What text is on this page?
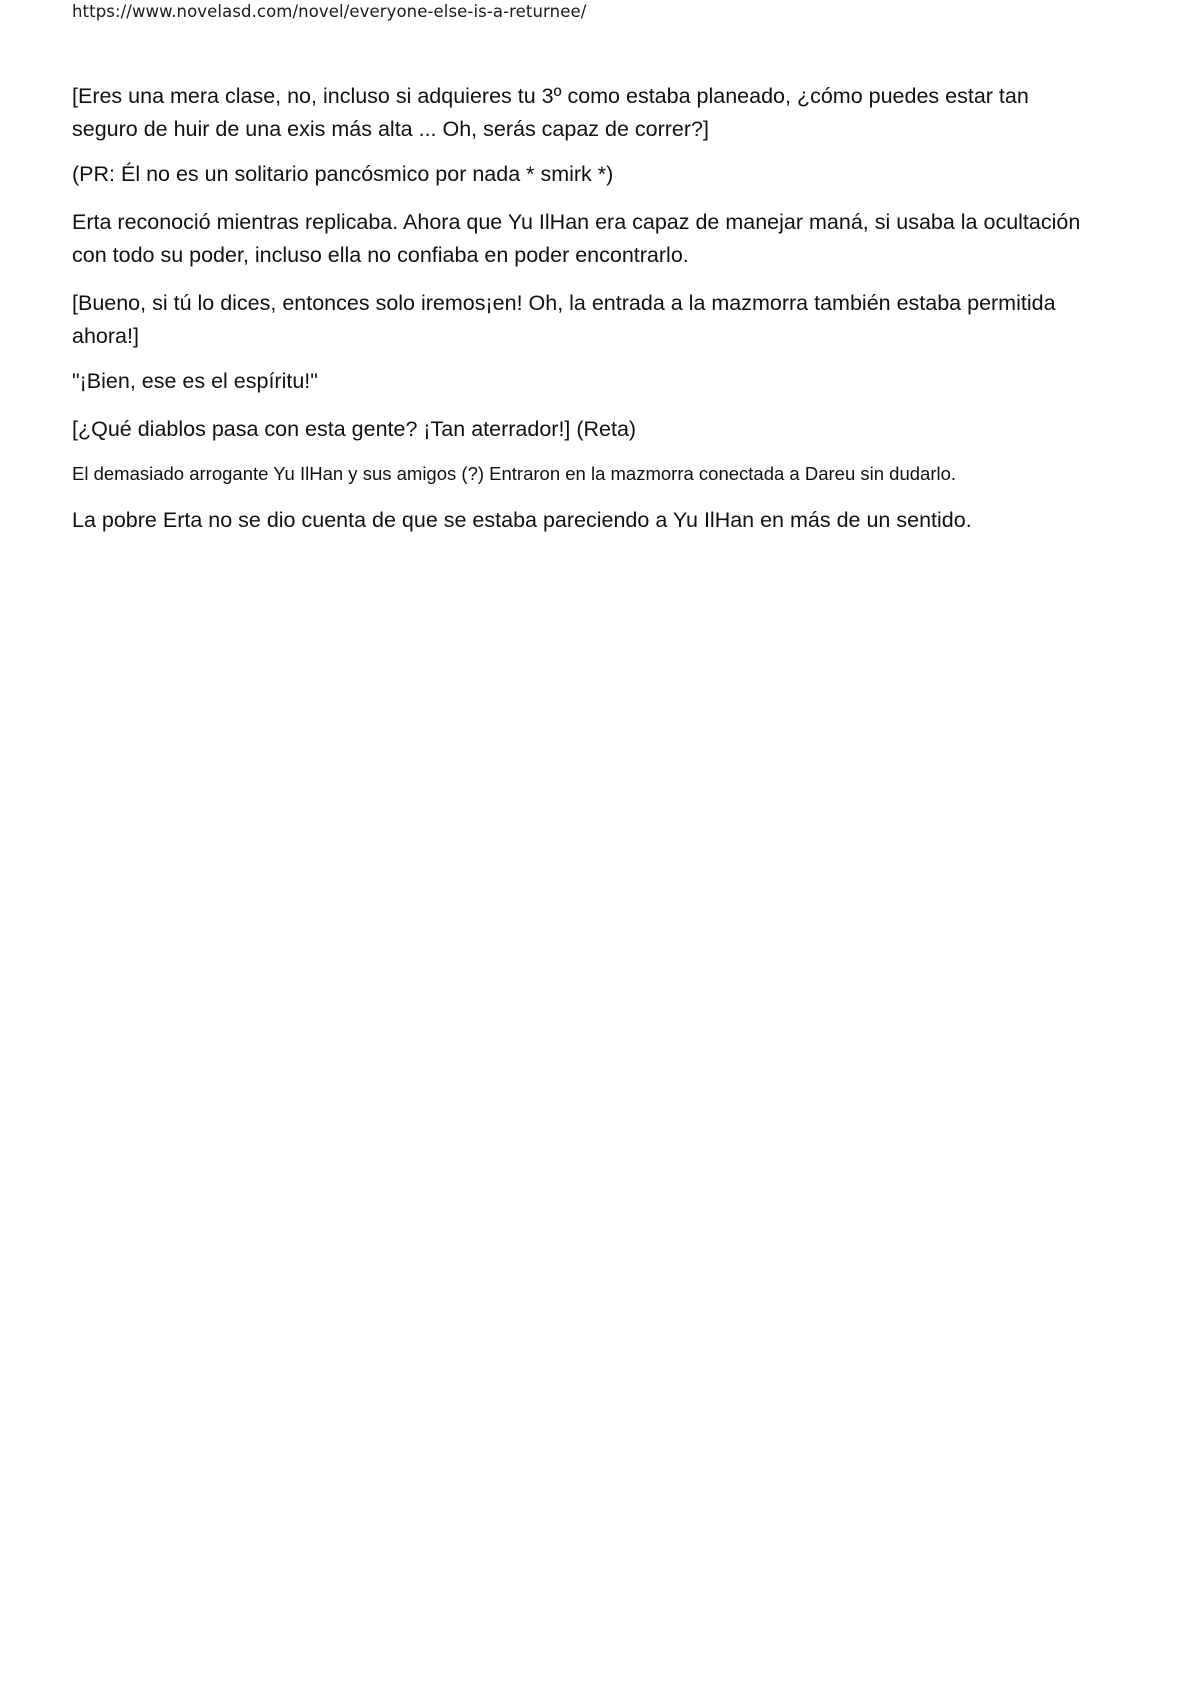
https://www.novelasd.com/novel/everyone-else-is-a-returnee/

[Eres una mera clase, no, incluso si adquieres tu 3º como estaba planeado, ¿cómo puedes estar tan seguro de huir de una exis más alta ... Oh, serás capaz de correr?]

(PR: Él no es un solitario pancósmico por nada * smirk *)

Erta reconoció mientras replicaba. Ahora que Yu IlHan era capaz de manejar maná, si usaba la ocultación con todo su poder, incluso ella no confiaba en poder encontrarlo.

[Bueno, si tú lo dices, entonces solo iremos¡en! Oh, la entrada a la mazmorra también estaba permitida ahora!]

"¡Bien, ese es el espíritu!"

[¿Qué diablos pasa con esta gente? ¡Tan aterrador!] (Reta)

El demasiado arrogante Yu IlHan y sus amigos (?) Entraron en la mazmorra conectada a Dareu sin dudarlo.

La pobre Erta no se dio cuenta de que se estaba pareciendo a Yu IlHan en más de un sentido.
